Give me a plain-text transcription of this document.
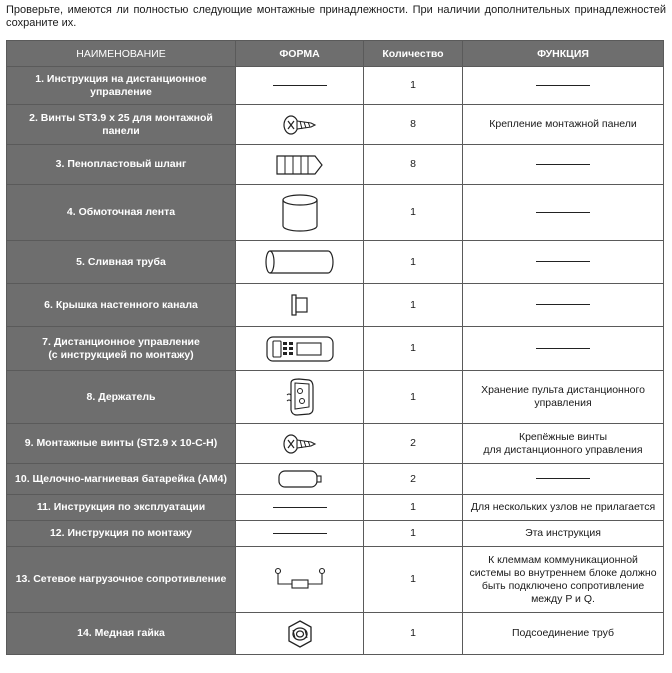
Проверьте, имеются ли полностью следующие монтажные принадлежности. При наличии дополнительных принадлежностей сохраните их.
НАИМЕНОВАНИЕ	ФОРМА	Количество	ФУНКЦИЯ
1. Инструкция на дистанционное
управление		1	
2. Винты ST3.9 х 25 для монтажной
панели		8	Крепление монтажной панели
3. Пенопластовый шланг		8	
4. Обмоточная лента		1	
5. Сливная труба		1	
6. Крышка настенного канала		1	
7. Дистанционное управление
(с инструкцией по монтажу)		1	
8. Держатель		1	Хранение пульта дистанционного
управления
9. Монтажные винты (ST2.9 x 10-C-H)		2	Крепёжные винты
для дистанционного управления
10. Щелочно-магниевая батарейка (AM4)		2	
11. Инструкция по эксплуатации		1	Для нескольких узлов не прилагается
12. Инструкция по монтажу		1	Эта инструкция
13. Сетевое нагрузочное сопротивление		1	К клеммам коммуникационной
системы во внутреннем блоке должно
быть подключено сопротивление
между P и Q.
14. Медная гайка		1	Подсоединение труб
